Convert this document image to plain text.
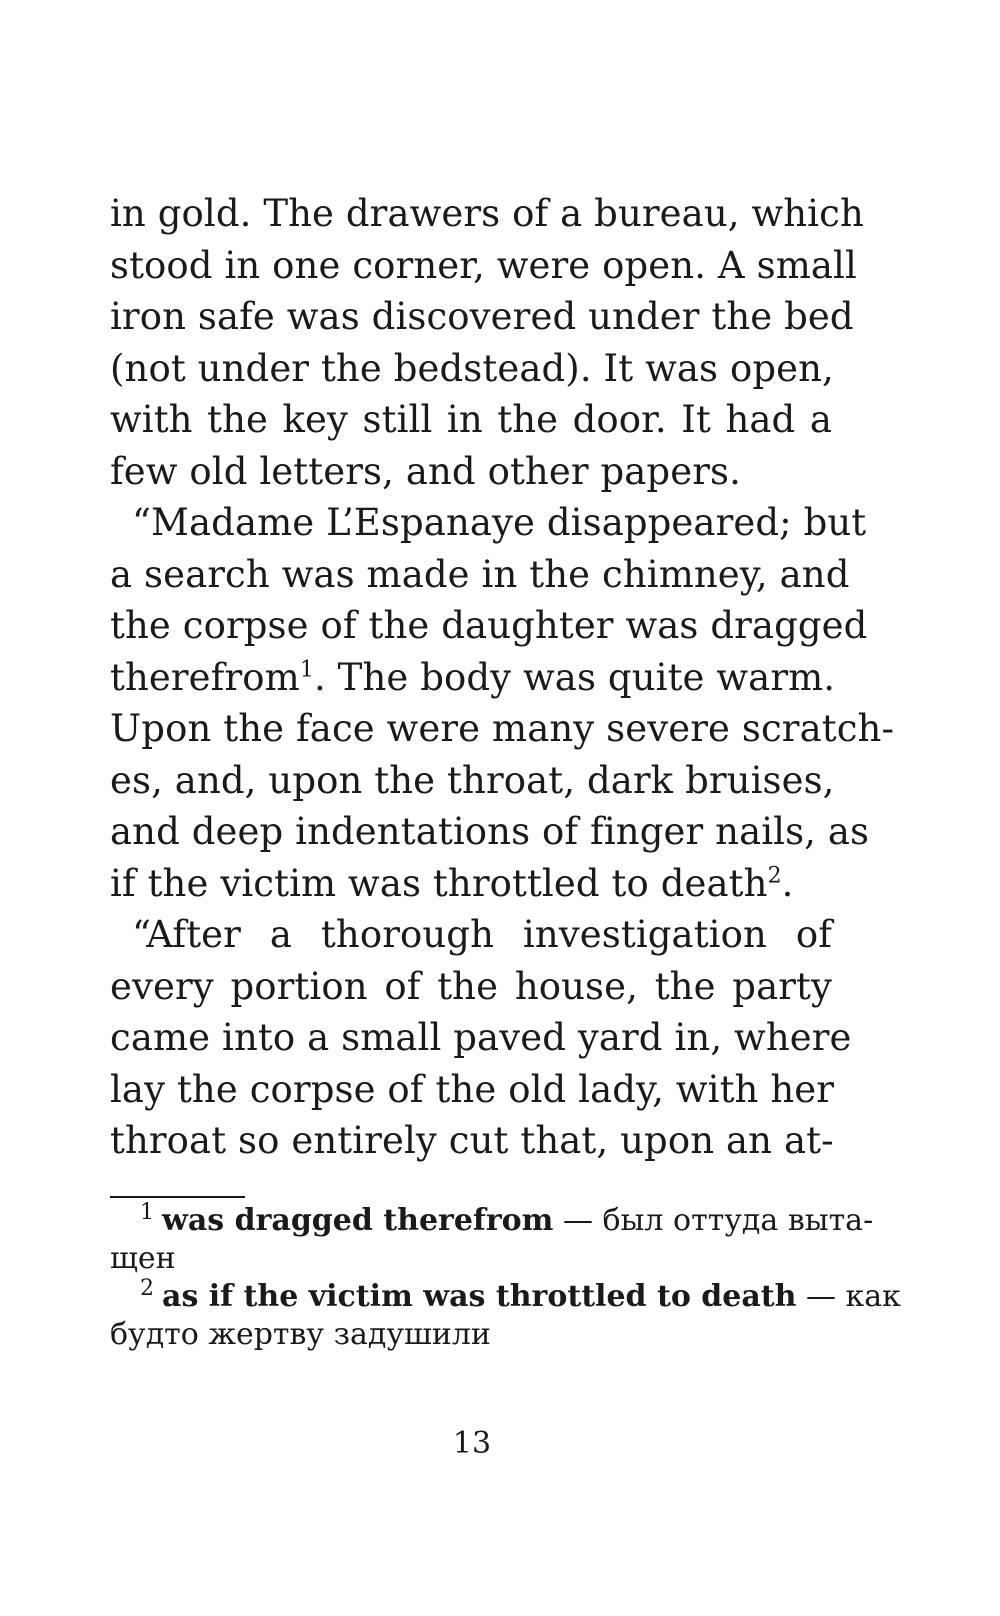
in gold. The drawers of a bureau, which
stood in one corner, were open. A small
iron safe was discovered under the bed
(not under the bedstead). It was open,
with the key still in the door. It had a
few old letters, and other papers.

“Madame L’Espanaye disappeared; but
a search was made in the chimney, and
the corpse of the daughter was dragged
therefrom$^1$. The body was quite warm.
Upon the face were many severe scratch-
es, and, upon the throat, dark bruises,
and deep indentations of finger nails, as
if the victim was throttled to death$^2$.

“After a thorough investigation of
every portion of the house, the party
came into a small paved yard in, where
lay the corpse of the old lady, with her
throat so entirely cut that, upon an at-

$^1$ was dragged therefrom — был оттуда выта-
щен
$^2$ as if the victim was throttled to death — как
будто жертву задушили
13
